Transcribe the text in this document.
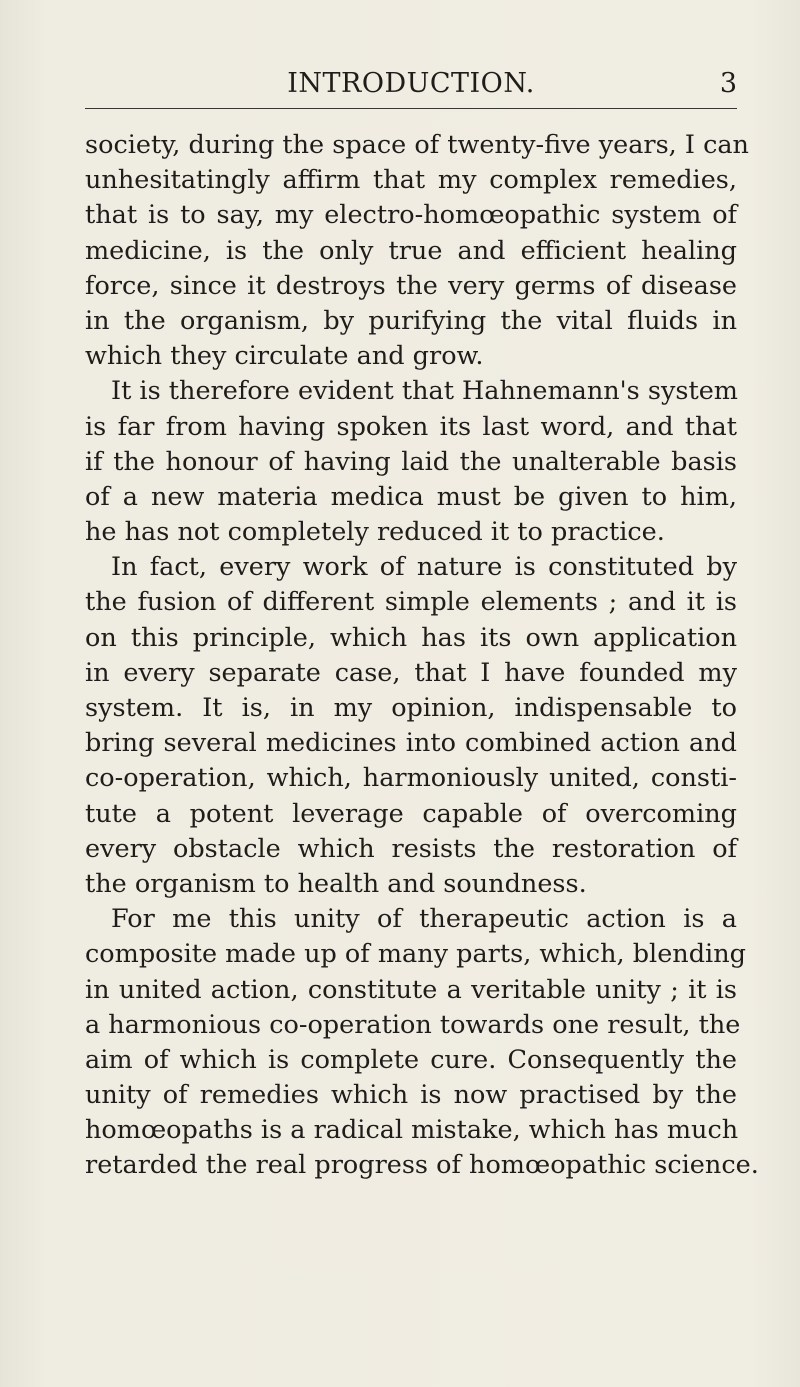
INTRODUCTION.	3
society, during the space of twenty-five years, I can
unhesitatingly affirm that my complex remedies,
that is to say, my electro-homœopathic system of
medicine, is the only true and efficient healing
force, since it destroys the very germs of disease
in the organism, by purifying the vital fluids in
which they circulate and grow.
It is therefore evident that Hahnemann's system
is far from having spoken its last word, and that
if the honour of having laid the unalterable basis
of a new materia medica must be given to him,
he has not completely reduced it to practice.
In fact, every work of nature is constituted by
the fusion of different simple elements ; and it is
on this principle, which has its own application
in every separate case, that I have founded my
system. It is, in my opinion, indispensable to
bring several medicines into combined action and
co-operation, which, harmoniously united, consti-
tute a potent leverage capable of overcoming
every obstacle which resists the restoration of
the organism to health and soundness.
For me this unity of therapeutic action is a
composite made up of many parts, which, blending
in united action, constitute a veritable unity ; it is
a harmonious co-operation towards one result, the
aim of which is complete cure. Consequently the
unity of remedies which is now practised by the
homœopaths is a radical mistake, which has much
retarded the real progress of homœopathic science.
